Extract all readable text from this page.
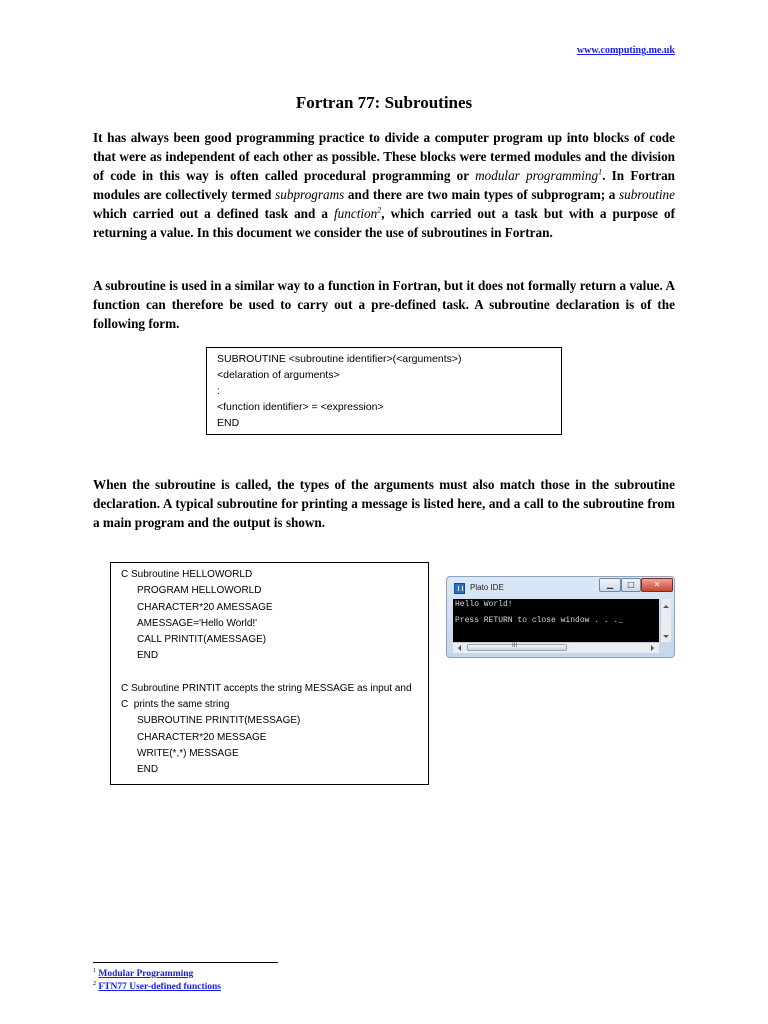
www.computing.me.uk
Fortran 77: Subroutines
It has always been good programming practice to divide a computer program up into blocks of code that were as independent of each other as possible. These blocks were termed modules and the division of code in this way is often called procedural programming or modular programming$^1$. In Fortran modules are collectively termed subprograms and there are two main types of subprogram; a subroutine which carried out a defined task and a function$^2$, which carried out a task but with a purpose of returning a value. In this document we consider the use of subroutines in Fortran.
A subroutine is used in a similar way to a function in Fortran, but it does not formally return a value. A function can therefore be used to carry out a pre-defined task. A subroutine declaration is of the following form.
SUBROUTINE <subroutine identifier>(<arguments>)
<delaration of arguments>
:
<function identifier> = <expression>
END
When the subroutine is called, the types of the arguments must also match those in the subroutine declaration. A typical subroutine for printing a message is listed here, and a call to the subroutine from a main program and the output is shown.
C Subroutine HELLOWORLD
PROGRAM HELLOWORLD
CHARACTER*20 AMESSAGE
AMESSAGE='Hello World!'
CALL PRINTIT(AMESSAGE)
END
C Subroutine PRINTIT accepts the string MESSAGE as input and
C  prints the same string
SUBROUTINE PRINTIT(MESSAGE)
CHARACTER*20 MESSAGE
WRITE(*,*) MESSAGE
END
Plato IDE	▁	□	✕
Hello World!
Press RETURN to close window . . ._
III
$^1$ Modular Programming
$^2$ FTN77 User-defined functions
